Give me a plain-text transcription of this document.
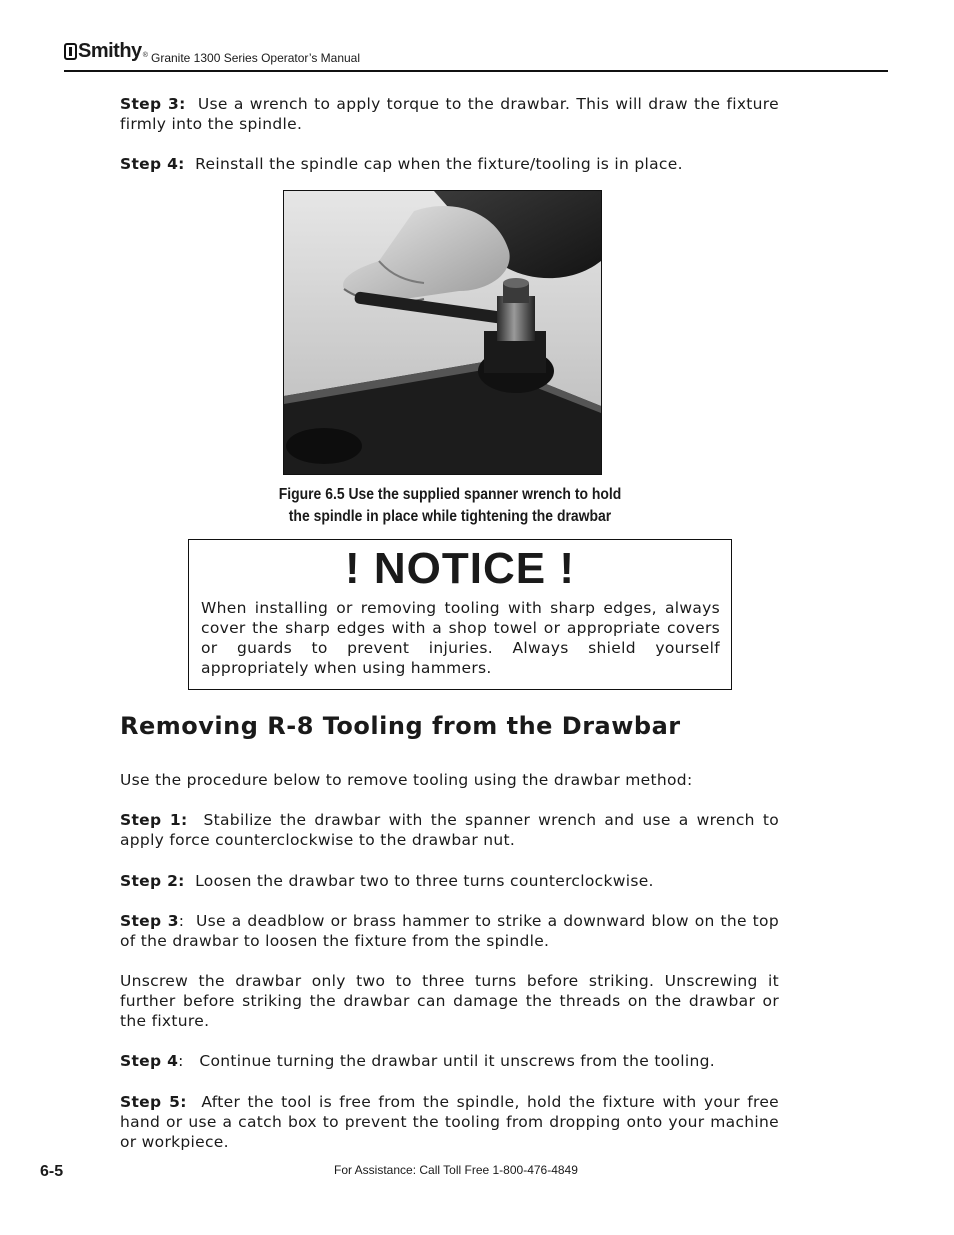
Smithy ® Granite 1300 Series Operator’s Manual

Step 3: Use a wrench to apply torque to the drawbar. This will draw the fixture firmly into the spindle.

Step 4: Reinstall the spindle cap when the fixture/tooling is in place.

Figure 6.5 Use the supplied spanner wrench to hold
the spindle in place while tightening the drawbar
! NOTICE !
When installing or removing tooling with sharp edges, always cover the sharp edges with a shop towel or appropriate covers or guards to prevent injuries. Always shield yourself appropriately when using hammers.
Removing R-8 Tooling from the Drawbar

Use the procedure below to remove tooling using the drawbar method:

Step 1: Stabilize the drawbar with the spanner wrench and use a wrench to apply force counterclockwise to the drawbar nut.

Step 2: Loosen the drawbar two to three turns counterclockwise.

Step 3: Use a deadblow or brass hammer to strike a downward blow on the top of the drawbar to loosen the fixture from the spindle.

Unscrew the drawbar only two to three turns before striking. Unscrewing it further before striking the drawbar can damage the threads on the drawbar or the fixture.

Step 4: Continue turning the drawbar until it unscrews from the tooling.

Step 5: After the tool is free from the spindle, hold the fixture with your free hand or use a catch box to prevent the tooling from dropping onto your machine or workpiece.

6-5	For Assistance: Call Toll Free 1-800-476-4849
